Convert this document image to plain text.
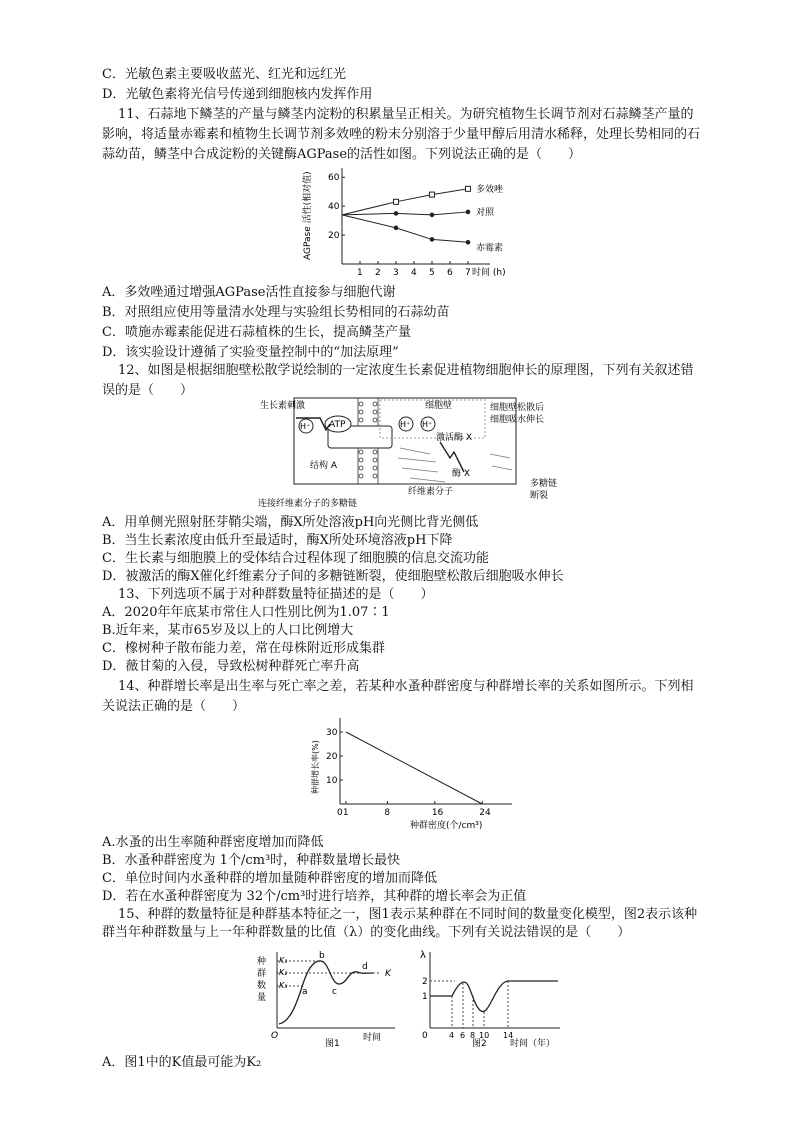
C．光敏色素主要吸收蓝光、红光和远红光
D．光敏色素将光信号传递到细胞核内发挥作用
11、石蒜地下鳞茎的产量与鳞茎内淀粉的积累量呈正相关。为研究植物生长调节剂对石蒜鳞茎产量的
影响，将适量赤霉素和植物生长调节剂多效唑的粉末分别溶于少量甲醇后用清水稀释，处理长势相同的石
蒜幼苗，鳞茎中合成淀粉的关键酶AGPase的活性如图。下列说法正确的是（　　）
1 2 3 4 5 6 7
20
40
60
AGPase 活性(相对值)
时间 (h)
多效唑
对照
赤霉素
A．多效唑通过增强AGPase活性直接参与细胞代谢
B．对照组应使用等量清水处理与实验组长势相同的石蒜幼苗
C．喷施赤霉素能促进石蒜植株的生长，提高鳞茎产量
D．该实验设计遵循了实验变量控制中的“加法原理”
12、如图是根据细胞壁松散学说绘制的一定浓度生长素促进植物细胞伸长的原理图，下列有关叙述错
误的是（　　）
ATP
H⁺	H⁺ H⁺
生长素刺激
结构 A
细胞壁
激活酶 X
酶 X
细胞壁松散后
细胞吸水伸长
纤维素分子
连接纤维素分子的多糖链
多糖链
断裂
A．用单侧光照射胚芽鞘尖端，酶X所处溶液pH向光侧比背光侧低
B．当生长素浓度由低升至最适时，酶X所处环境溶液pH下降
C．生长素与细胞膜上的受体结合过程体现了细胞膜的信息交流功能
D．被激活的酶X催化纤维素分子间的多糖链断裂，使细胞壁松散后细胞吸水伸长
13、下列选项不属于对种群数量特征描述的是（　　）
A．2020年年底某市常住人口性别比例为1.07∶1
B.近年来，某市65岁及以上的人口比例增大
C．橡树种子散布能力差，常在母株附近形成集群
D．薇甘菊的入侵，导致松树种群死亡率升高
14、种群增长率是出生率与死亡率之差，若某种水蚤种群密度与种群增长率的关系如图所示。下列相
关说法正确的是（　　）
0 1	8	16	24
10
20
30
种群增长率(%)
种群密度(个/cm³)
A.水蚤的出生率随种群密度增加而降低
B．水蚤种群密度为 1个/cm³时，种群数量增长最快
C．单位时间内水蚤种群的增加量随种群密度的增加而降低
D．若在水蚤种群密度为 32个/cm³时进行培养，其种群的增长率会为正值
15、种群的数量特征是种群基本特征之一，图1表示某种群在不同时间的数量变化模型，图2表示该种
群当年种群数量与上一年种群数量的比值（λ）的变化曲线。下列有关说法错误的是（　　）
种
群
数
量
K₁
K₂
K₃
K
a
b
c
d
O	时间
图1
λ
2
1
0	4 6 8 10 14
时间（年）
图2
A．图1中的K值最可能为K₂
